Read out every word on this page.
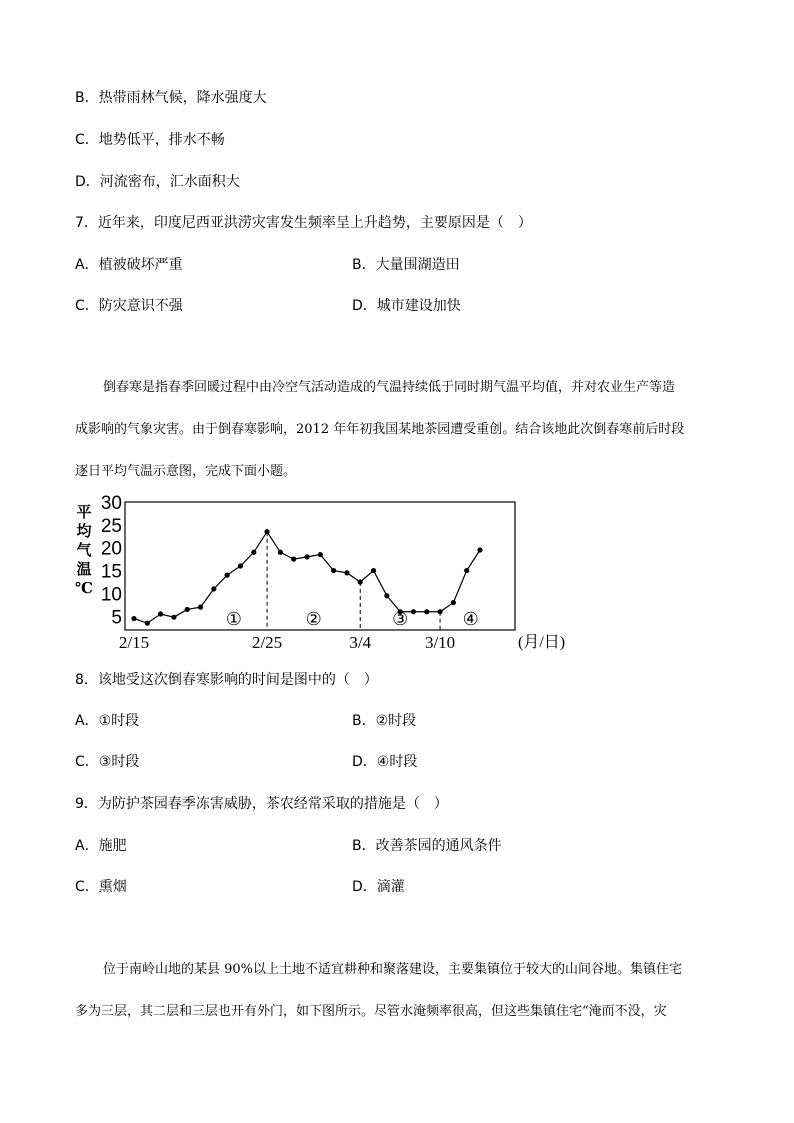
B．热带雨林气候，降水强度大
C．地势低平，排水不畅
D．河流密布，汇水面积大
7．近年来，印度尼西亚洪涝灾害发生频率呈上升趋势，主要原因是（　）
A．植被破坏严重	B．大量围湖造田
C．防灾意识不强	D．城市建设加快
倒春寒是指春季回暖过程中由冷空气活动造成的气温持续低于同时期气温平均值，并对农业生产等造
成影响的气象灾害。由于倒春寒影响，2012 年年初我国某地茶园遭受重创。结合该地此次倒春寒前后时段
逐日平均气温示意图，完成下面小题。
平
均
气
温
℃
5
10
15
20
25
30
①	②	③	④
2/15	2/25	3/4	3/10	(月/日)
8．该地受这次倒春寒影响的时间是图中的（　）
A．①时段	B．②时段
C．③时段	D．④时段
9．为防护茶园春季冻害威胁，茶农经常采取的措施是（　）
A．施肥	B．改善茶园的通风条件
C．熏烟	D．滴灌
位于南岭山地的某县 90%以上土地不适宜耕种和聚落建设，主要集镇位于较大的山间谷地。集镇住宅
多为三层，其二层和三层也开有外门，如下图所示。尽管水淹频率很高，但这些集镇住宅“淹而不没，灾
